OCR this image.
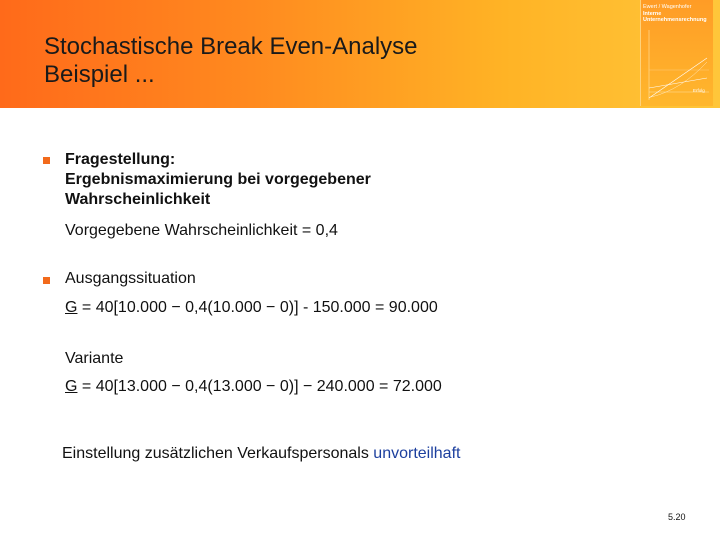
Stochastische Break Even-Analyse
Beispiel ...
Ewert / Wagenhofer
Interne
Unternehmensrechnung
Erfolg
Fragestellung:
Ergebnismaximierung bei vorgegebener
Wahrscheinlichkeit
Vorgegebene Wahrscheinlichkeit = 0,4
Ausgangssituation
G = 40[10.000 − 0,4(10.000 − 0)] - 150.000 = 90.000
Variante
G = 40[13.000 − 0,4(13.000 − 0)] − 240.000 = 72.000
Einstellung zusätzlichen Verkaufspersonals unvorteilhaft
5.20
